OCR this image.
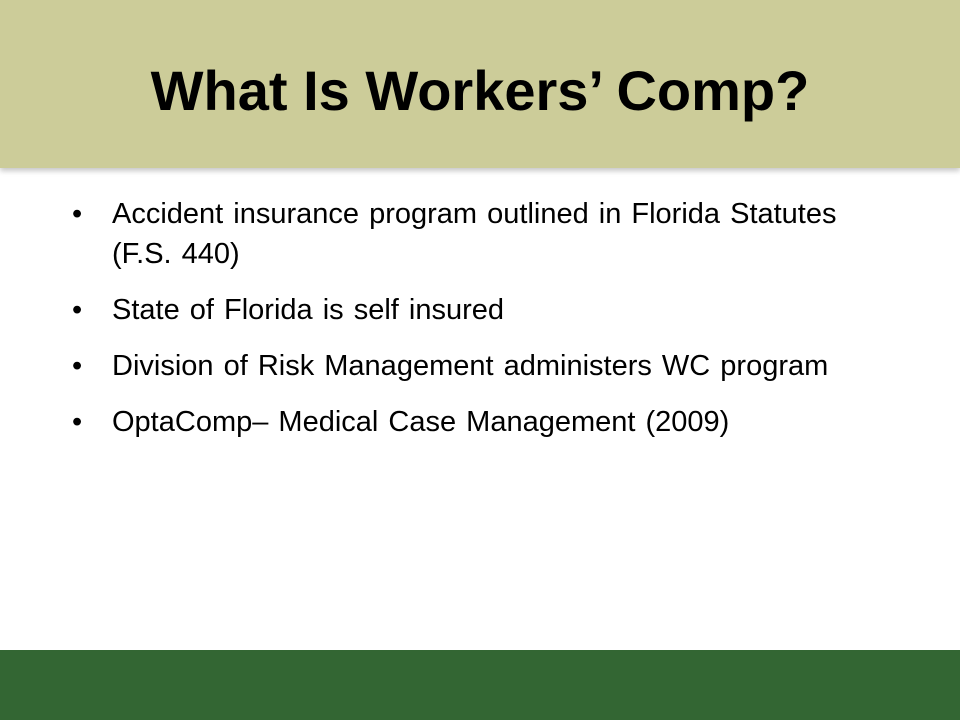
What Is Workers’ Comp?
•	Accident insurance program outlined in Florida Statutes (F.S. 440)
•	State of Florida is self insured
•	Division of Risk Management administers WC program
•	OptaComp– Medical Case Management (2009)
